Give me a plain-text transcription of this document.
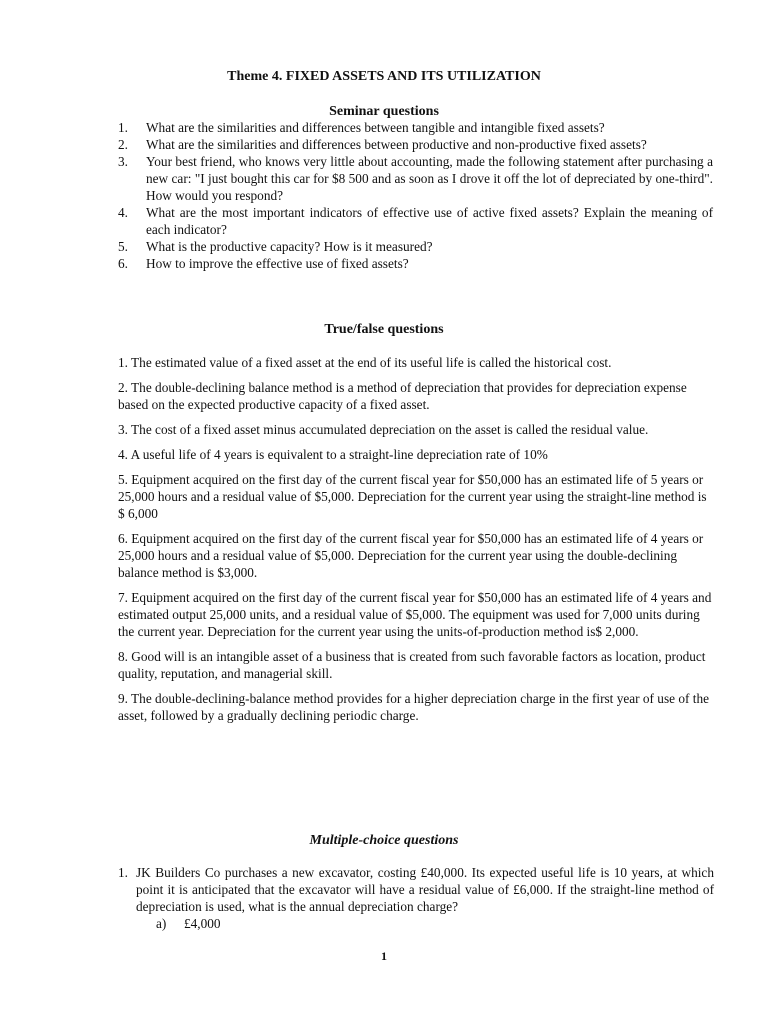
Theme 4. FIXED ASSETS AND ITS UTILIZATION
Seminar questions
1.	What are the similarities and differences between tangible and intangible fixed assets?
2.	What are the similarities and differences between productive and non-productive fixed assets?
3.	Your best friend, who knows very little about accounting, made the following statement after purchasing a new car: "I just bought this car for $8 500 and as soon as I drove it off the lot of depreciated by one-third". How would you respond?
4.	What are the most important indicators of effective use of active fixed assets? Explain the meaning of each indicator?
5.	What is the productive capacity? How is it measured?
6.	How to improve the effective use of fixed assets?
True/false questions

1. The estimated value of a fixed asset at the end of its useful life is called the historical cost.

2. The double-declining balance method is a method of depreciation that provides for depreciation expense based on the expected productive capacity of a fixed asset.

3. The cost of a fixed asset minus accumulated depreciation on the asset is called the residual value.

4. A useful life of 4 years is equivalent to a straight-line depreciation rate of 10%

5. Equipment acquired on the first day of the current fiscal year for $50,000 has an estimated life of 5 years or 25,000 hours and a residual value of $5,000. Depreciation for the current year using the straight-line method is $ 6,000

6. Equipment acquired on the first day of the current fiscal year for $50,000 has an estimated life of 4 years or 25,000 hours and a residual value of $5,000. Depreciation for the current year using the double-declining balance method is $3,000.

7. Equipment acquired on the first day of the current fiscal year for $50,000 has an estimated life of 4 years and estimated output 25,000 units, and a residual value of $5,000. The equipment was used for 7,000 units during the current year. Depreciation for the current year using the units-of-production method is$ 2,000.

8. Good will is an intangible asset of a business that is created from such favorable factors as location, product quality, reputation, and managerial skill.

9. The double-declining-balance method provides for a higher depreciation charge in the first year of use of the asset, followed by a gradually declining periodic charge.

Multiple-choice questions
1. JK Builders Co purchases a new excavator, costing £40,000. Its expected useful life is 10 years, at which point it is anticipated that the excavator will have a residual value of £6,000. If the straight-line method of depreciation is used, what is the annual depreciation charge?
a)	£4,000
1
